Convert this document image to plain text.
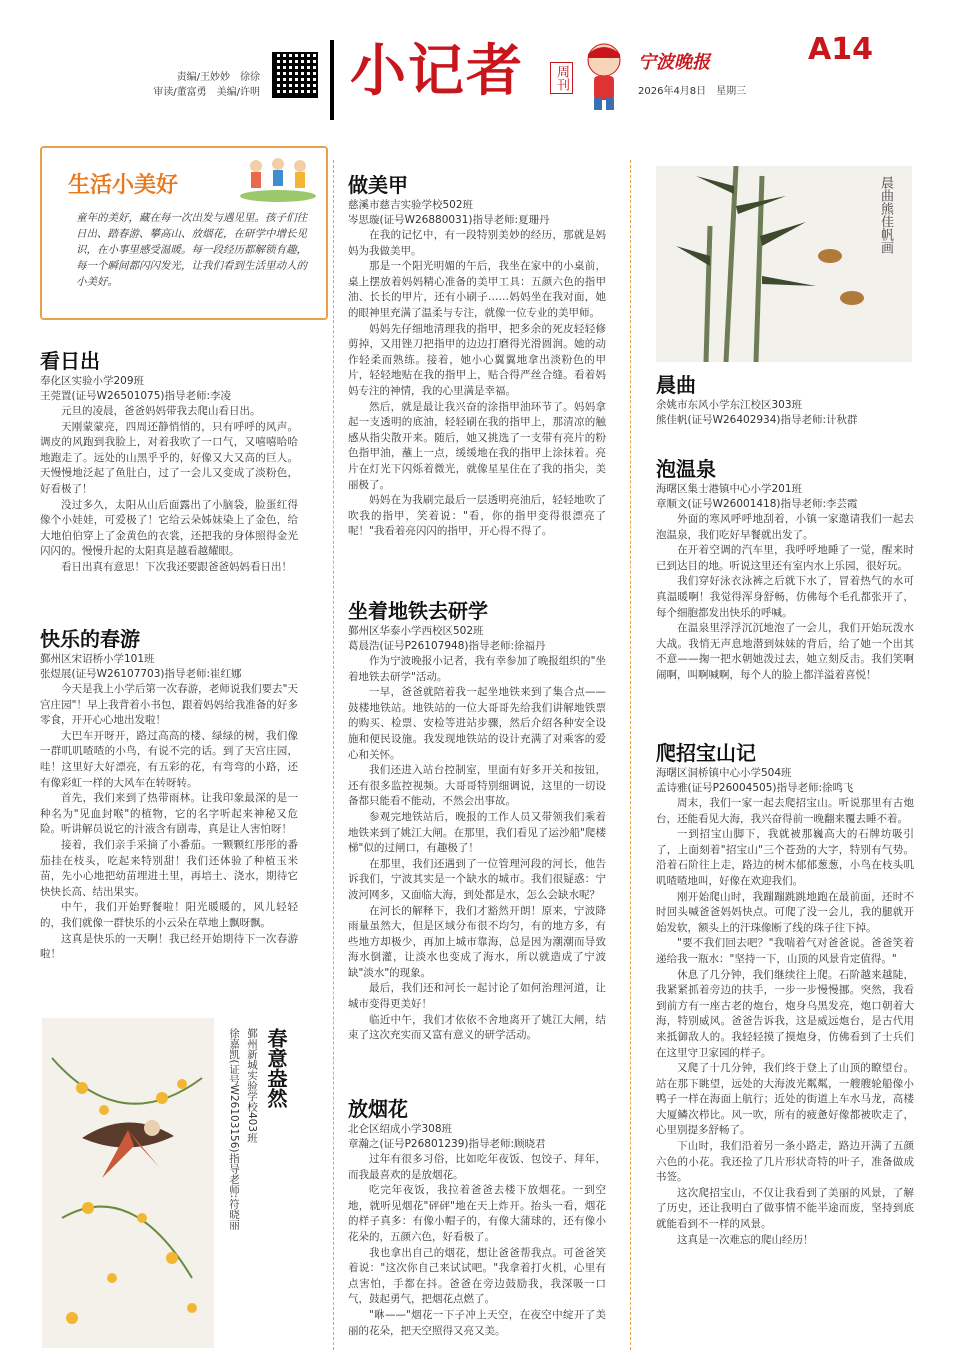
责编/王妙妙　徐徐
审读/董富勇　美编/许明 小记者	周刊
宁波晚报
2026年4月8日　星期三
A14
生活小美好
童年的美好，藏在每一次出发与遇见里。孩子们往日出、踏春游、攀高山、放烟花，在研学中增长见识，在小事里感受温暖。每一段经历都解锁有趣，每一个瞬间都闪闪发光，让我们看到生活里动人的小美好。
看日出

奉化区实验小学209班

王莞置(证号W26501075)指导老师:李凌

元旦的凌晨，爸爸妈妈带我去爬山看日出。

天刚蒙蒙亮，四周还静悄悄的，只有呼呼的风声。调皮的风跑到我脸上，对着我吹了一口气，又嘻嘻哈哈地跑走了。远处的山黑乎乎的，好像又大又高的巨人。天慢慢地泛起了鱼肚白，过了一会儿又变成了淡粉色，好看极了！

没过多久，太阳从山后面露出了小脑袋，脸蛋红得像个小娃娃，可爱极了！它给云朵姊妹染上了金色，给大地伯伯穿上了金黄色的衣裳，还把我的身体照得金光闪闪的。慢慢升起的太阳真是越看越耀眼。

看日出真有意思！下次我还要跟爸爸妈妈看日出！

快乐的春游

鄞州区宋诏桥小学101班

张煜展(证号W26107703)指导老师:崔红娜

今天是我上小学后第一次春游，老师说我们要去"天宫庄园"！早上我背着小书包，跟着妈妈给我准备的好多零食，开开心心地出发啦！

大巴车开呀开，路过高高的楼、绿绿的树，我们像一群叽叽喳喳的小鸟，有说不完的话。到了天宫庄园，哇！这里好大好漂亮，有五彩的花，有弯弯的小路，还有像彩虹一样的大风车在转呀转。

首先，我们来到了热带雨林。让我印象最深的是一种名为"见血封喉"的植物，它的名字听起来神秘又危险。听讲解员说它的汁液含有剧毒，真是让人害怕呀！

接着，我们亲手采摘了小番茄。一颗颗红彤彤的番茄挂在枝头，吃起来特别甜！我们还体验了种植玉米苗，先小心地把幼苗埋进土里，再培土、浇水，期待它快快长高、结出果实。

中午，我们开始野餐啦！阳光暖暖的，风儿轻轻的，我们就像一群快乐的小云朵在草地上飘呀飘。

这真是快乐的一天啊！我已经开始期待下一次春游啦！

春意盎然
鄞州新城实验学校403班
徐嘉凯(证号W26103156)指导老师:符晓丽
做美甲

慈溪市慈吉实验学校502班

岑思璇(证号W26880031)指导老师:夏珊丹

在我的记忆中，有一段特别美妙的经历，那就是妈妈为我做美甲。

那是一个阳光明媚的午后，我坐在家中的小桌前，桌上摆放着妈妈精心准备的美甲工具：五颜六色的指甲油、长长的甲片，还有小刷子……妈妈坐在我对面，她的眼神里充满了温柔与专注，就像一位专业的美甲师。

妈妈先仔细地清理我的指甲，把多余的死皮轻轻修剪掉，又用锉刀把指甲的边边打磨得光滑圆润。她的动作轻柔而熟练。接着，她小心翼翼地拿出淡粉色的甲片，轻轻地贴在我的指甲上，贴合得严丝合缝。看着妈妈专注的神情，我的心里满是幸福。

然后，就是最让我兴奋的涂指甲油环节了。妈妈拿起一支透明的底油，轻轻刷在我的指甲上，那清凉的触感从指尖散开来。随后，她又挑选了一支带有亮片的粉色指甲油，蘸上一点，缓缓地在我的指甲上涂抹着。亮片在灯光下闪烁着微光，就像星星住在了我的指尖，美丽极了。

妈妈在为我刷完最后一层透明亮油后，轻轻地吹了吹我的指甲，笑着说："看，你的指甲变得很漂亮了呢！"我看着亮闪闪的指甲，开心得不得了。

坐着地铁去研学

鄞州区华泰小学西校区502班

葛晨浩(证号P26107948)指导老师:徐福丹

作为宁波晚报小记者，我有幸参加了晚报组织的"坐着地铁去研学"活动。

一早，爸爸就陪着我一起坐地铁来到了集合点——鼓楼地铁站。地铁站的一位大哥哥先给我们讲解地铁票的购买、检票、安检等进站步骤，然后介绍各种安全设施和便民设施。我发现地铁站的设计充满了对乘客的爱心和关怀。

我们还进入站台控制室，里面有好多开关和按钮，还有很多监控视频。大哥哥特别细调说，这里的一切设备都只能看不能动，不然会出事故。

参观完地铁站后，晚报的工作人员又带领我们乘着地铁来到了姚江大闸。在那里，我们看见了运沙船"爬楼梯"似的过闸口，有趣极了！

在那里，我们还遇到了一位管理河段的河长，他告诉我们，宁波其实是一个缺水的城市。我们很疑惑：宁波河网多，又面临大海，到处都是水，怎么会缺水呢？

在河长的解释下，我们才豁然开朗！原来，宁波降雨量虽然大，但是区域分布很不均匀，有的地方多，有些地方却极少，再加上城市靠海，总是因为潮潮而导致海水倒灌，让淡水也变成了海水，所以就造成了宁波缺"淡水"的现象。

最后，我们还和河长一起讨论了如何治理河道，让城市变得更美好！

临近中午，我们才依依不舍地离开了姚江大闸，结束了这次充实而又富有意义的研学活动。

放烟花

北仑区绍成小学308班

章瀚之(证号P26801239)指导老师:顾晓君

过年有很多习俗，比如吃年夜饭、包饺子、拜年，而我最喜欢的是放烟花。

吃完年夜饭，我拉着爸爸去楼下放烟花。一到空地，就听见烟花"砰砰"地在天上炸开。抬头一看，烟花的样子真多：有像小帽子的，有像大蒲球的，还有像小花朵的，五颜六色，好看极了。

我也拿出自己的烟花，想让爸爸帮我点。可爸爸笑着说："这次你自己来试试吧。"我拿着打火机，心里有点害怕，手都在抖。爸爸在旁边鼓励我，我深吸一口气，鼓起勇气，把烟花点燃了。

"咻——"烟花一下子冲上天空，在夜空中绽开了美丽的花朵，把天空照得又亮又美。

晨曲熊佳帆画
晨曲

余姚市东风小学东江校区303班

熊佳帆(证号W26402934)指导老师:计秋群

泡温泉

海曙区集士港镇中心小学201班

章顺文(证号W26001418)指导老师:李芸霞

外面的寒风呼呼地刮着，小镇一家邀请我们一起去泡温泉，我们吃好早餐就出发了。

在开着空调的汽车里，我呼呼地睡了一觉，醒来时已到达目的地。听说这里还有室内水上乐园，很好玩。

我们穿好泳衣泳裤之后就下水了，冒着热气的水可真温暖啊！我觉得浑身舒畅，仿佛每个毛孔都张开了，每个细胞都发出快乐的呼喊。

在温泉里浮浮沉沉地泡了一会儿，我们开始玩泼水大战。我悄无声息地潜到妹妹的背后，给了她一个出其不意——掬一把水朝她泼过去，她立刻反击。我们笑啊闹啊，叫啊喊啊，每个人的脸上都洋溢着喜悦！

爬招宝山记

海曙区洞桥镇中心小学504班

孟诗雅(证号P26004505)指导老师:徐鸣飞

周末，我们一家一起去爬招宝山。听说那里有古炮台，还能看见大海，我兴奋得前一晚翻来覆去睡不着。

一到招宝山脚下，我就被那巍高大的石牌坊吸引了，上面刻着"招宝山"三个苍劲的大字，特别有气势。沿着石阶往上走，路边的树木郁郁葱葱，小鸟在枝头叽叽喳喳地叫，好像在欢迎我们。

刚开始爬山时，我蹦蹦跳跳地跑在最前面，还时不时回头喊爸爸妈妈快点。可爬了没一会儿，我的腿就开始发软，额头上的汗珠像断了线的珠子往下掉。

"要不我们回去吧？"我喘着气对爸爸说。爸爸笑着递给我一瓶水："坚持一下，山顶的风景肯定值得。"

休息了几分钟，我们继续往上爬。石阶越来越陡，我紧紧抓着旁边的扶手，一步一步慢慢挪。突然，我看到前方有一座古老的炮台，炮身乌黑发亮，炮口朝着大海，特别威风。爸爸告诉我，这是威远炮台，是古代用来抵御敌人的。我轻轻摸了摸炮身，仿佛看到了士兵们在这里守卫家园的样子。

又爬了十几分钟，我们终于登上了山顶的瞭望台。站在那下眺望，远处的大海波光粼粼，一艘艘轮船像小鸭子一样在海面上航行；近处的街道上车水马龙，高楼大厦鳞次栉比。风一吹，所有的疲惫好像都被吹走了，心里别提多舒畅了。

下山时，我们沿着另一条小路走，路边开满了五颜六色的小花。我还捡了几片形状奇特的叶子，准备做成书签。

这次爬招宝山，不仅让我看到了美丽的风景，了解了历史，还让我明白了做事情不能半途而废，坚持到底就能看到不一样的风景。

这真是一次难忘的爬山经历！
